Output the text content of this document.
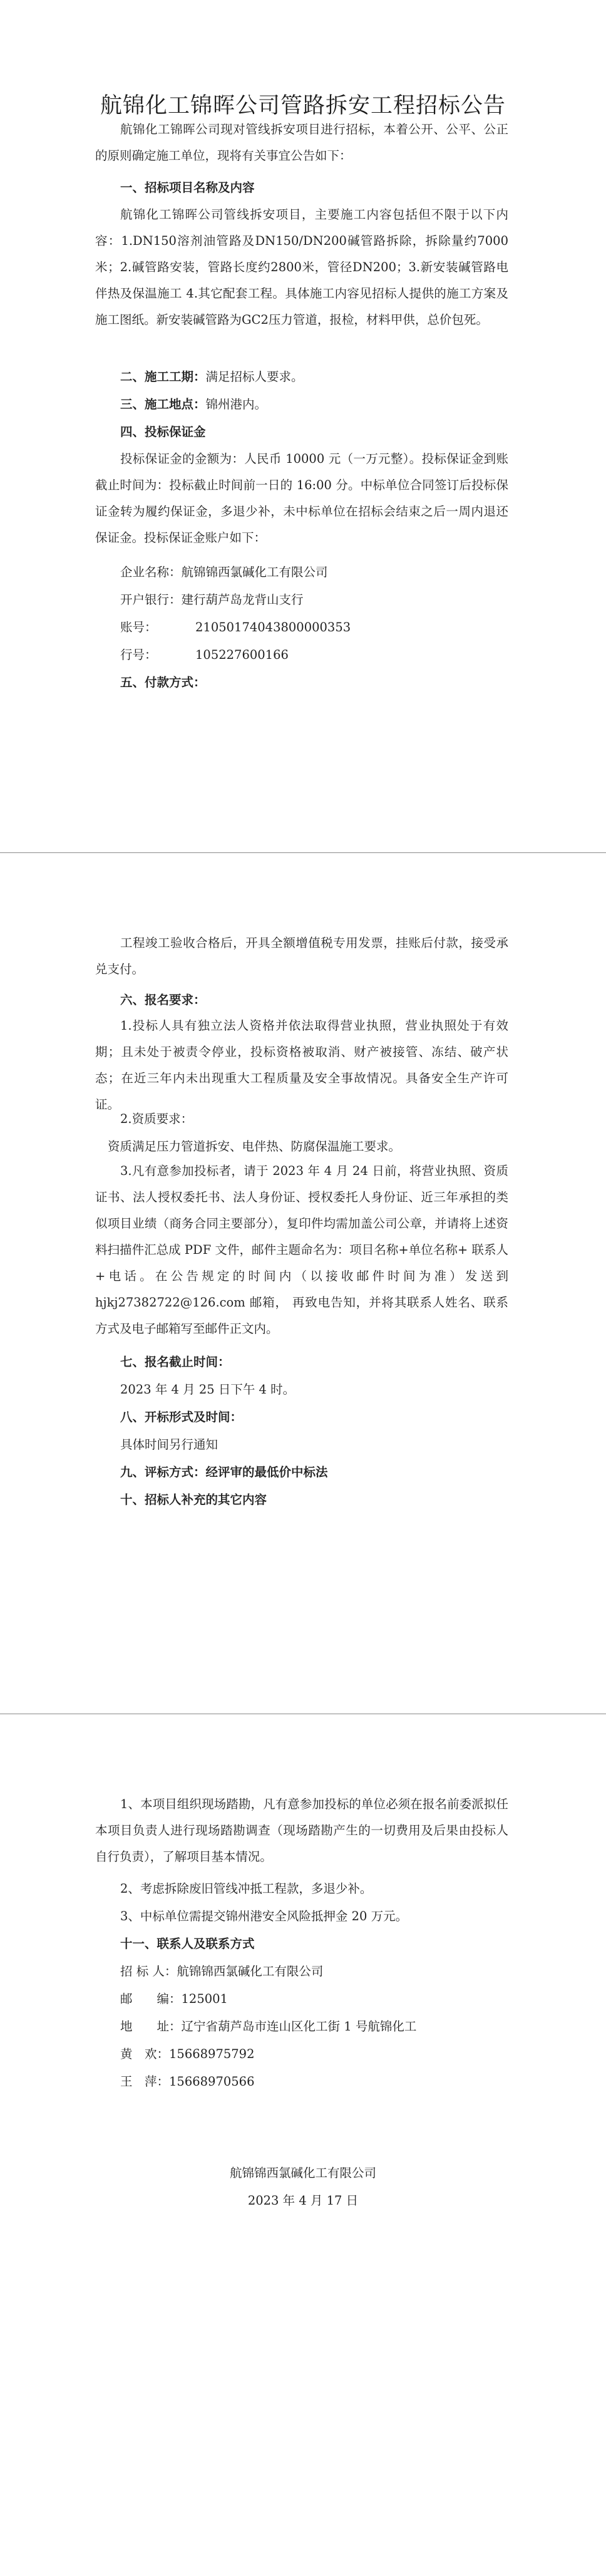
航锦化工锦晖公司管路拆安工程招标公告

航锦化工锦晖公司现对管线拆安项目进行招标，本着公开、公平、公正的原则确定施工单位，现将有关事宜公告如下：

一、招标项目名称及内容

航锦化工锦晖公司管线拆安项目，主要施工内容包括但不限于以下内容：1.DN150溶剂油管路及DN150/DN200碱管路拆除，拆除量约7000米；2.碱管路安装，管路长度约2800米，管径DN200；3.新安装碱管路电伴热及保温施工 4.其它配套工程。具体施工内容见招标人提供的施工方案及施工图纸。新安装碱管路为GC2压力管道，报检，材料甲供，总价包死。

二、施工工期：满足招标人要求。

三、施工地点：锦州港内。

四、投标保证金

投标保证金的金额为：人民币 10000 元（一万元整）。投标保证金到账截止时间为：投标截止时间前一日的 16:00 分。中标单位合同签订后投标保证金转为履约保证金，多退少补，未中标单位在招标会结束之后一周内退还保证金。投标保证金账户如下：

企业名称：航锦锦西氯碱化工有限公司

开户银行：建行葫芦岛龙背山支行

账号：	21050174043800000353

行号：	105227600166

五、付款方式：

工程竣工验收合格后，开具全额增值税专用发票，挂账后付款，接受承兑支付。

六、报名要求：

1.投标人具有独立法人资格并依法取得营业执照，营业执照处于有效期；且未处于被责令停业，投标资格被取消、财产被接管、冻结、破产状态；在近三年内未出现重大工程质量及安全事故情况。具备安全生产许可证。

2.资质要求：

资质满足压力管道拆安、电伴热、防腐保温施工要求。

3.凡有意参加投标者，请于 2023 年 4 月 24 日前，将营业执照、资质证书、法人授权委托书、法人身份证、授权委托人身份证、近三年承担的类似项目业绩（商务合同主要部分），复印件均需加盖公司公章，并请将上述资料扫描件汇总成 PDF 文件，邮件主题命名为：项目名称+单位名称+ 联系人+电话。在公告规定的时间内（以接收邮件时间为准）发送到 hjkj27382722@126.com 邮箱， 再致电告知，并将其联系人姓名、联系方式及电子邮箱写至邮件正文内。

七、报名截止时间：

2023 年 4 月 25 日下午 4 时。

八、开标形式及时间：

具体时间另行通知

九、评标方式：经评审的最低价中标法

十、招标人补充的其它内容

1、本项目组织现场踏勘，凡有意参加投标的单位必须在报名前委派拟任本项目负责人进行现场踏勘调查（现场踏勘产生的一切费用及后果由投标人自行负责），了解项目基本情况。

2、考虑拆除废旧管线冲抵工程款，多退少补。

3、中标单位需提交锦州港安全风险抵押金 20 万元。

十一、联系人及联系方式

招 标 人：航锦锦西氯碱化工有限公司

邮　　编：125001

地　　址：辽宁省葫芦岛市连山区化工街 1 号航锦化工

黄　欢：15668975792

王　萍：15668970566

航锦锦西氯碱化工有限公司
2023 年 4 月 17 日
